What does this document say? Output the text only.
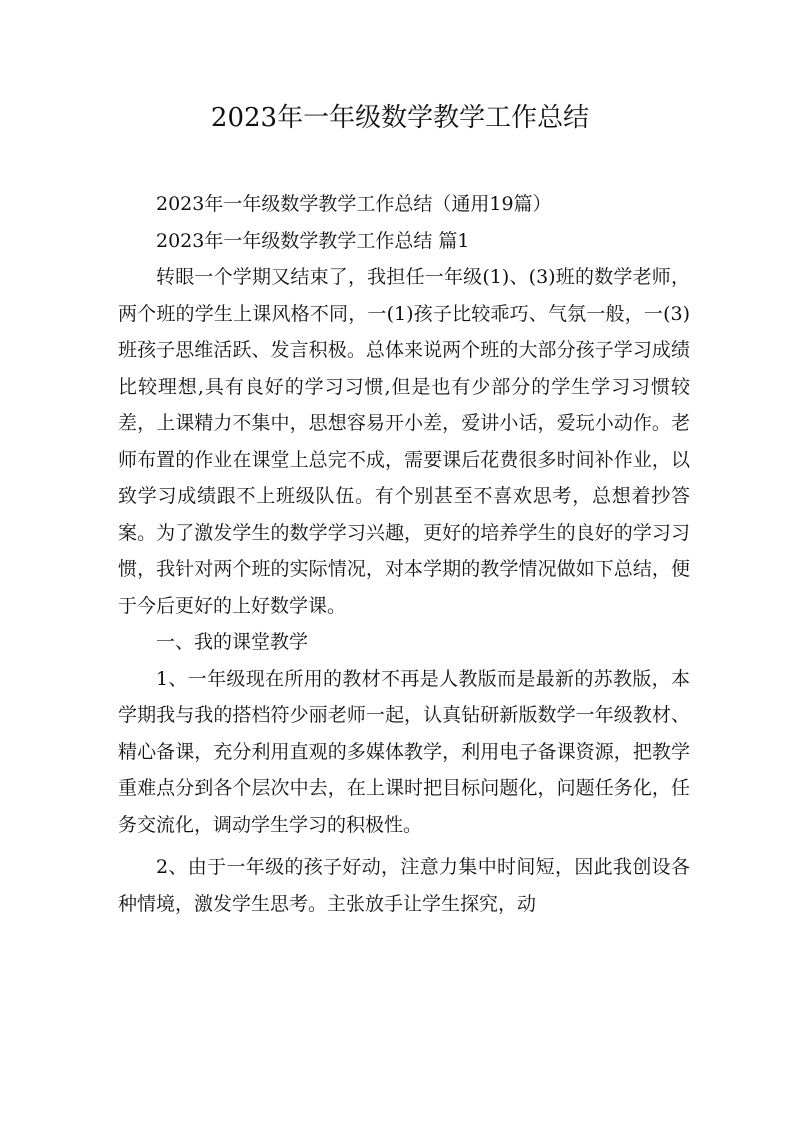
2023年一年级数学教学工作总结

2023年一年级数学教学工作总结（通用19篇）

2023年一年级数学教学工作总结 篇1

转眼一个学期又结束了，我担任一年级(1)、(3)班的数学老师，两个班的学生上课风格不同，一(1)孩子比较乖巧、气氛一般，一(3)班孩子思维活跃、发言积极。总体来说两个班的大部分孩子学习成绩比较理想,具有良好的学习习惯,但是也有少部分的学生学习习惯较差，上课精力不集中，思想容易开小差，爱讲小话，爱玩小动作。老师布置的作业在课堂上总完不成，需要课后花费很多时间补作业，以致学习成绩跟不上班级队伍。有个别甚至不喜欢思考，总想着抄答案。为了激发学生的数学学习兴趣，更好的培养学生的良好的学习习惯，我针对两个班的实际情况，对本学期的教学情况做如下总结，便于今后更好的上好数学课。

一、我的课堂教学

1、一年级现在所用的教材不再是人教版而是最新的苏教版，本学期我与我的搭档符少丽老师一起，认真钻研新版数学一年级教材、精心备课，充分利用直观的多媒体教学，利用电子备课资源，把教学重难点分到各个层次中去，在上课时把目标问题化，问题任务化，任务交流化，调动学生学习的积极性。

2、由于一年级的孩子好动，注意力集中时间短，因此我创设各种情境，激发学生思考。主张放手让学生探究，动
